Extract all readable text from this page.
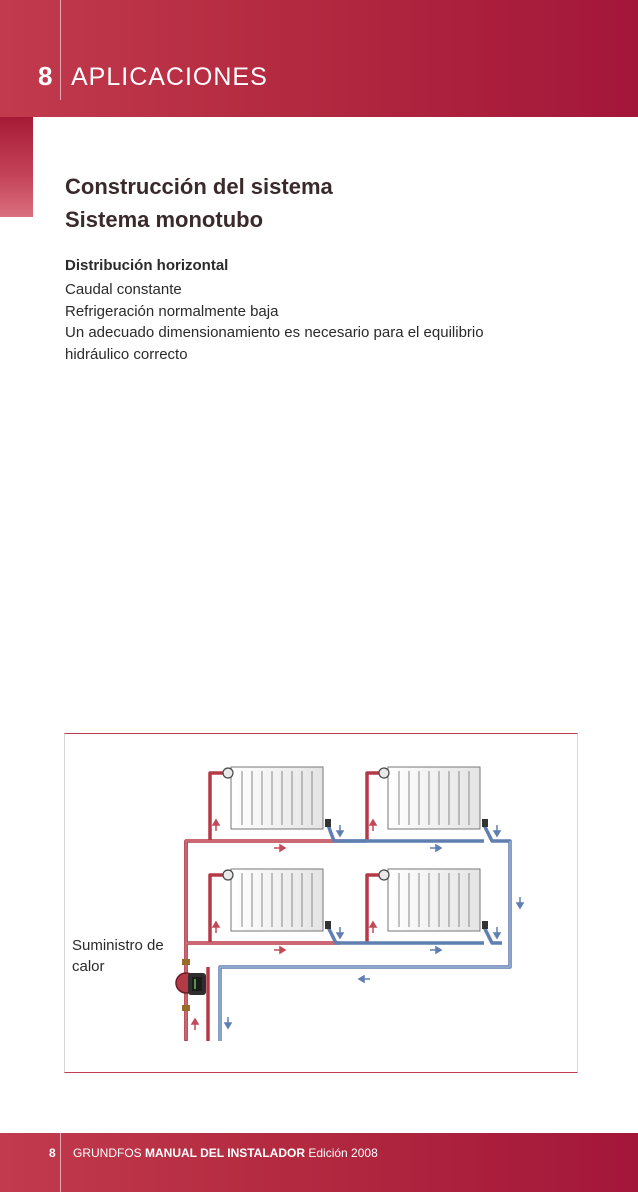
8 APLICACIONES
Construcción del sistema
Sistema monotubo
Distribución horizontal
Caudal constante
Refrigeración normalmente baja
Un adecuado dimensionamiento es necesario para el equilibrio hidráulico correcto
Suministro de calor
8 GRUNDFOS MANUAL DEL INSTALADOR Edición 2008
